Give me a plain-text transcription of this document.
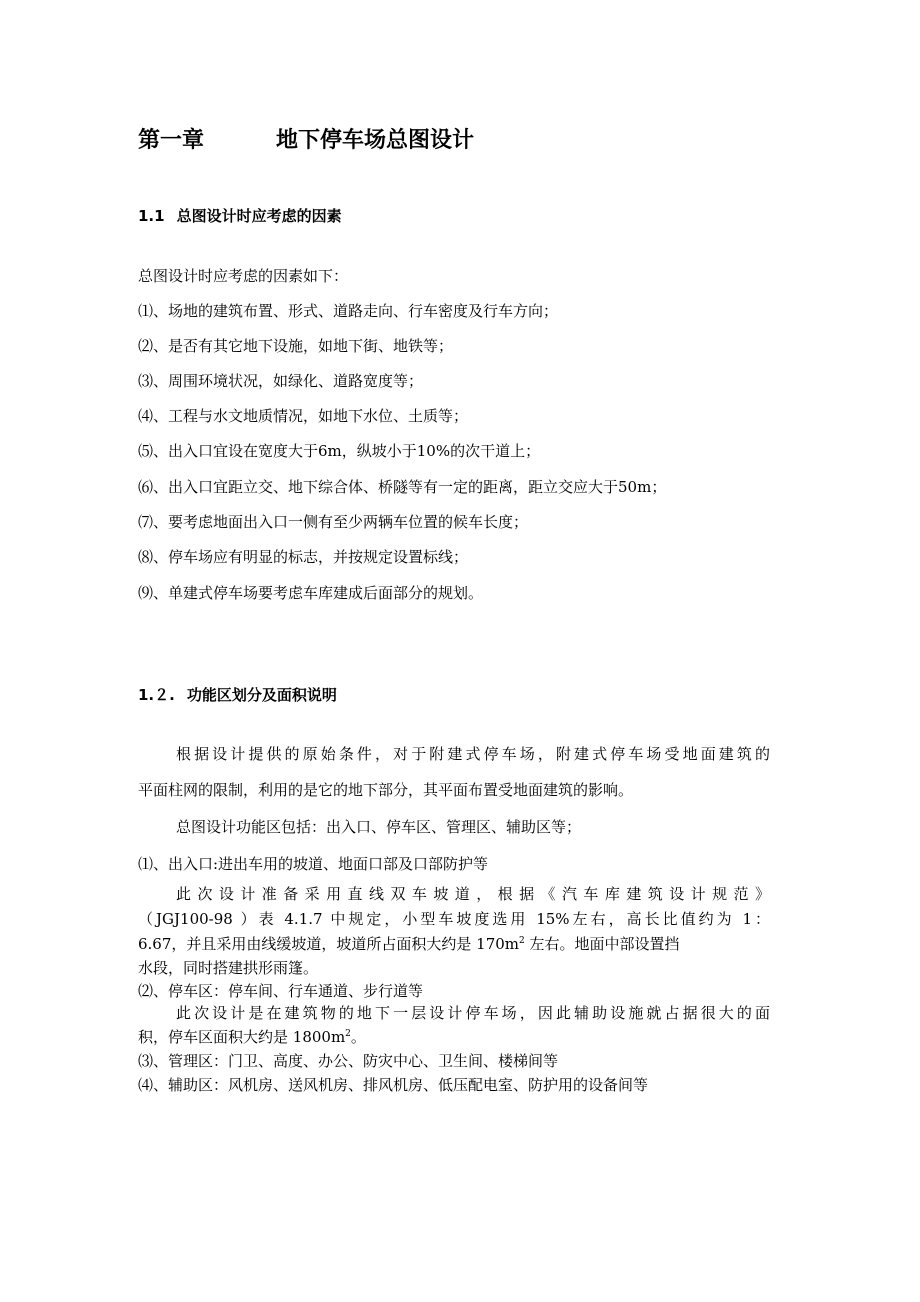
第一章	地下停车场总图设计
1.1 总图设计时应考虑的因素
总图设计时应考虑的因素如下：
⑴、场地的建筑布置、形式、道路走向、行车密度及行车方向；
⑵、是否有其它地下设施，如地下街、地铁等；
⑶、周围环境状况，如绿化、道路宽度等；
⑷、工程与水文地质情况，如地下水位、土质等；
⑸、出入口宜设在宽度大于6m，纵坡小于10%的次干道上；
⑹、出入口宜距立交、地下综合体、桥隧等有一定的距离，距立交应大于50m；
⑺、要考虑地面出入口一侧有至少两辆车位置的候车长度；
⑻、停车场应有明显的标志，并按规定设置标线；
⑼、单建式停车场要考虑车库建成后面部分的规划。
1.２. 功能区划分及面积说明
根据设计提供的原始条件，对于附建式停车场，附建式停车场受地面建筑的
平面柱网的限制，利用的是它的地下部分，其平面布置受地面建筑的影响。
总图设计功能区包括：出入口、停车区、管理区、辅助区等；
⑴、出入口:进出车用的坡道、地面口部及口部防护等
此次设计准备采用直线双车坡道，根据《汽车库建筑设计规范》
（JGJ100-98 ）表 4.1.7 中规定，小型车坡度选用 15%左右，高长比值约为 1：
6.67，并且采用由线缓坡道，坡道所占面积大约是 $170m^2$ 左右。地面中部设置挡
水段，同时搭建拱形雨篷。
⑵、停车区：停车间、行车通道、步行道等
此次设计是在建筑物的地下一层设计停车场，因此辅助设施就占据很大的面
积，停车区面积大约是 $1800m^2$。
⑶、管理区：门卫、高度、办公、防灾中心、卫生间、楼梯间等
⑷、辅助区：风机房、送风机房、排风机房、低压配电室、防护用的设备间等
